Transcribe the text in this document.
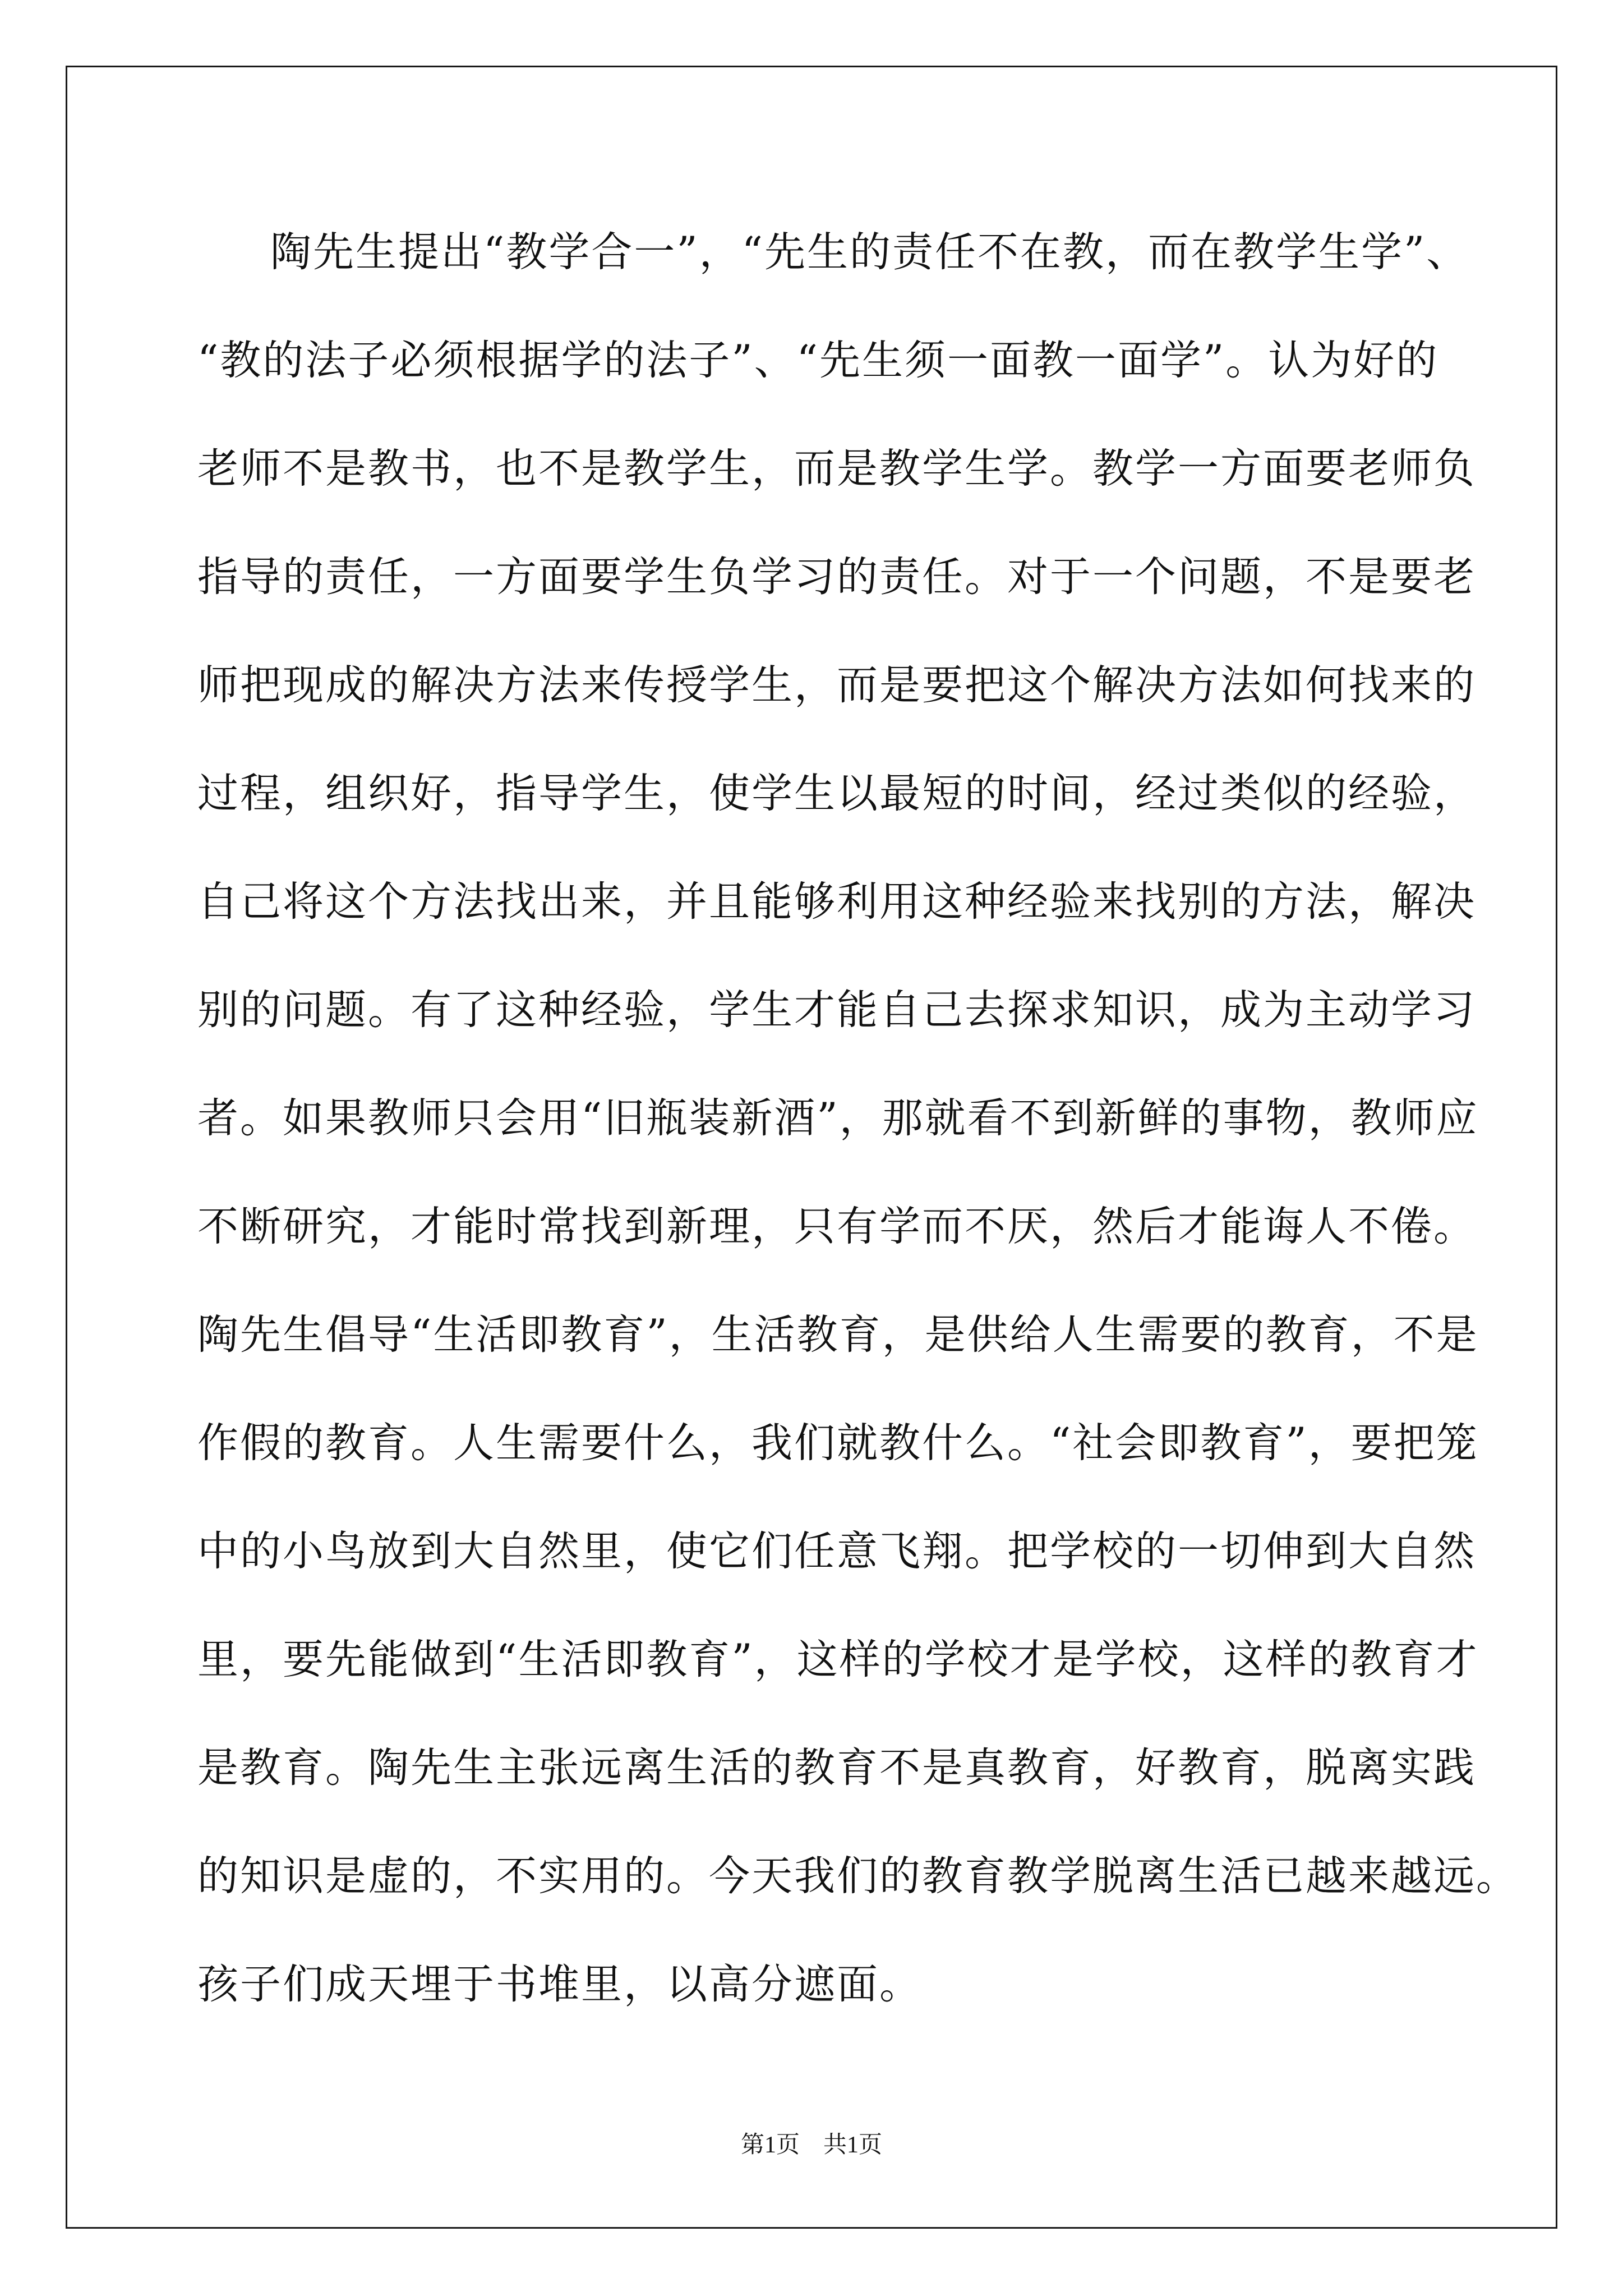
陶先生提出“教学合一”，“先生的责任不在教，而在教学生学”、
“教的法子必须根据学的法子”、“先生须一面教一面学”。认为好的
老师不是教书，也不是教学生，而是教学生学。教学一方面要老师负
指导的责任，一方面要学生负学习的责任。对于一个问题，不是要老
师把现成的解决方法来传授学生，而是要把这个解决方法如何找来的
过程，组织好，指导学生，使学生以最短的时间，经过类似的经验，
自己将这个方法找出来，并且能够利用这种经验来找别的方法，解决
别的问题。有了这种经验，学生才能自己去探求知识，成为主动学习
者。如果教师只会用“旧瓶装新酒”，那就看不到新鲜的事物，教师应
不断研究，才能时常找到新理，只有学而不厌，然后才能诲人不倦。
陶先生倡导“生活即教育”，生活教育，是供给人生需要的教育，不是
作假的教育。人生需要什么，我们就教什么。“社会即教育”，要把笼
中的小鸟放到大自然里，使它们任意飞翔。把学校的一切伸到大自然
里，要先能做到“生活即教育”，这样的学校才是学校，这样的教育才
是教育。陶先生主张远离生活的教育不是真教育，好教育，脱离实践
的知识是虚的，不实用的。今天我们的教育教学脱离生活已越来越远。
孩子们成天埋于书堆里，以高分遮面。
第1页　共1页
